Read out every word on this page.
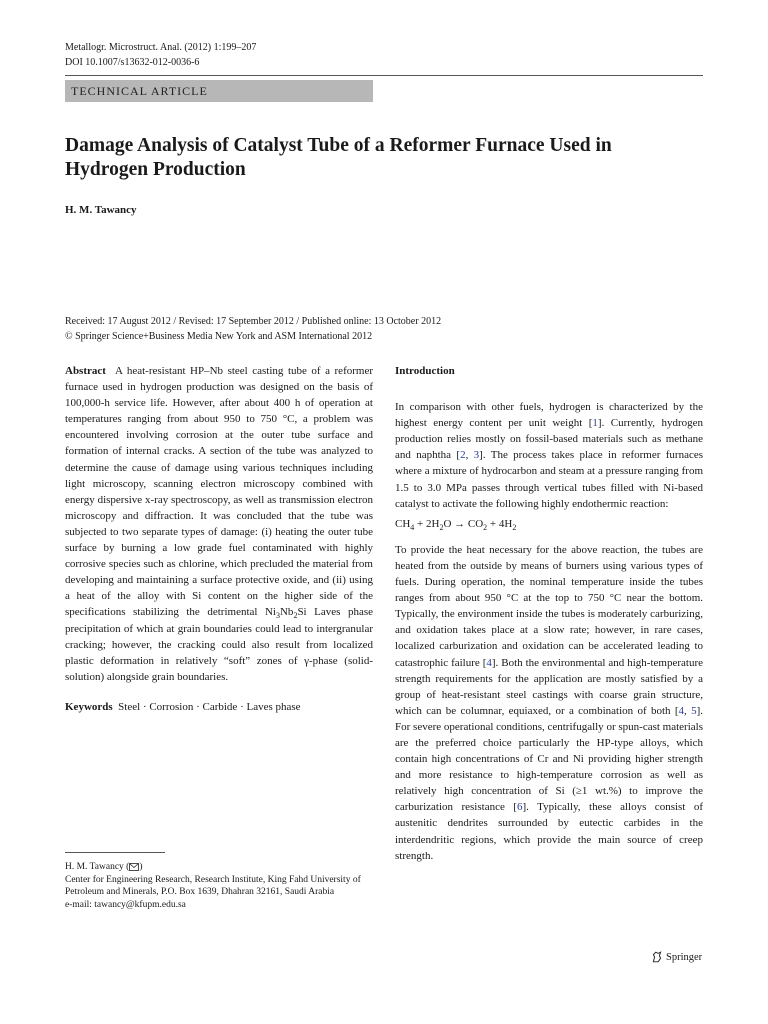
Metallogr. Microstruct. Anal. (2012) 1:199–207
DOI 10.1007/s13632-012-0036-6
TECHNICAL ARTICLE
Damage Analysis of Catalyst Tube of a Reformer Furnace Used in Hydrogen Production
H. M. Tawancy
Received: 17 August 2012 / Revised: 17 September 2012 / Published online: 13 October 2012
© Springer Science+Business Media New York and ASM International 2012

Abstract A heat-resistant HP–Nb steel casting tube of a reformer furnace used in hydrogen production was designed on the basis of 100,000-h service life. However, after about 400 h of operation at temperatures ranging from about 950 to 750 °C, a problem was encountered involving corrosion at the outer tube surface and formation of internal cracks. A section of the tube was analyzed to determine the cause of damage using various techniques including light microscopy, scanning electron microscopy combined with energy dispersive x-ray spectroscopy, as well as transmission electron microscopy and diffraction. It was concluded that the tube was subjected to two separate types of damage: (i) heating the outer tube surface by burning a low grade fuel contaminated with highly corrosive species such as chlorine, which precluded the material from developing and maintaining a surface protective oxide, and (ii) using a heat of the alloy with Si content on the higher side of the specifications stabilizing the detrimental $Ni_3Nb_2Si$ Laves phase precipitation of which at grain boundaries could lead to intergranular cracking; however, the cracking could also result from localized plastic deformation in relatively “soft” zones of γ-phase (solid-solution) alongside grain boundaries.

Keywords Steel · Corrosion · Carbide · Laves phase

H. M. Tawancy ( )
Center for Engineering Research, Research Institute, King Fahd University of Petroleum and Minerals, P.O. Box 1639, Dhahran 32161, Saudi Arabia
e-mail: tawancy@kfupm.edu.sa

Introduction

In comparison with other fuels, hydrogen is characterized by the highest energy content per unit weight [1]. Currently, hydrogen production relies mostly on fossil-based materials such as methane and naphtha [2, 3]. The process takes place in reformer furnaces where a mixture of hydrocarbon and steam at a pressure ranging from 1.5 to 3.0 MPa passes through vertical tubes filled with Ni-based catalyst to activate the following highly endothermic reaction:

$CH_4 + 2H_2O \to CO_2 + 4H_2$

To provide the heat necessary for the above reaction, the tubes are heated from the outside by means of burners using various types of fuels. During operation, the nominal temperature inside the tubes ranges from about 950 °C at the top to 750 °C near the bottom. Typically, the environment inside the tubes is moderately carburizing, and oxidation takes place at a slow rate; however, in rare cases, localized carburization and oxidation can be accelerated leading to catastrophic failure [4]. Both the environmental and high-temperature strength requirements for the application are mostly satisfied by a group of heat-resistant steel castings with coarse grain structure, which can be columnar, equiaxed, or a combination of both [4, 5]. For severe operational conditions, centrifugally or spun-cast materials are the preferred choice particularly the HP-type alloys, which contain high concentrations of Cr and Ni providing higher strength and more resistance to high-temperature corrosion as well as relatively high concentration of Si (≥1 wt.%) to improve the carburization resistance [6]. Typically, these alloys consist of austenitic dendrites surrounded by eutectic carbides in the interdendritic regions, which provide the main source of creep strength.

Springer
